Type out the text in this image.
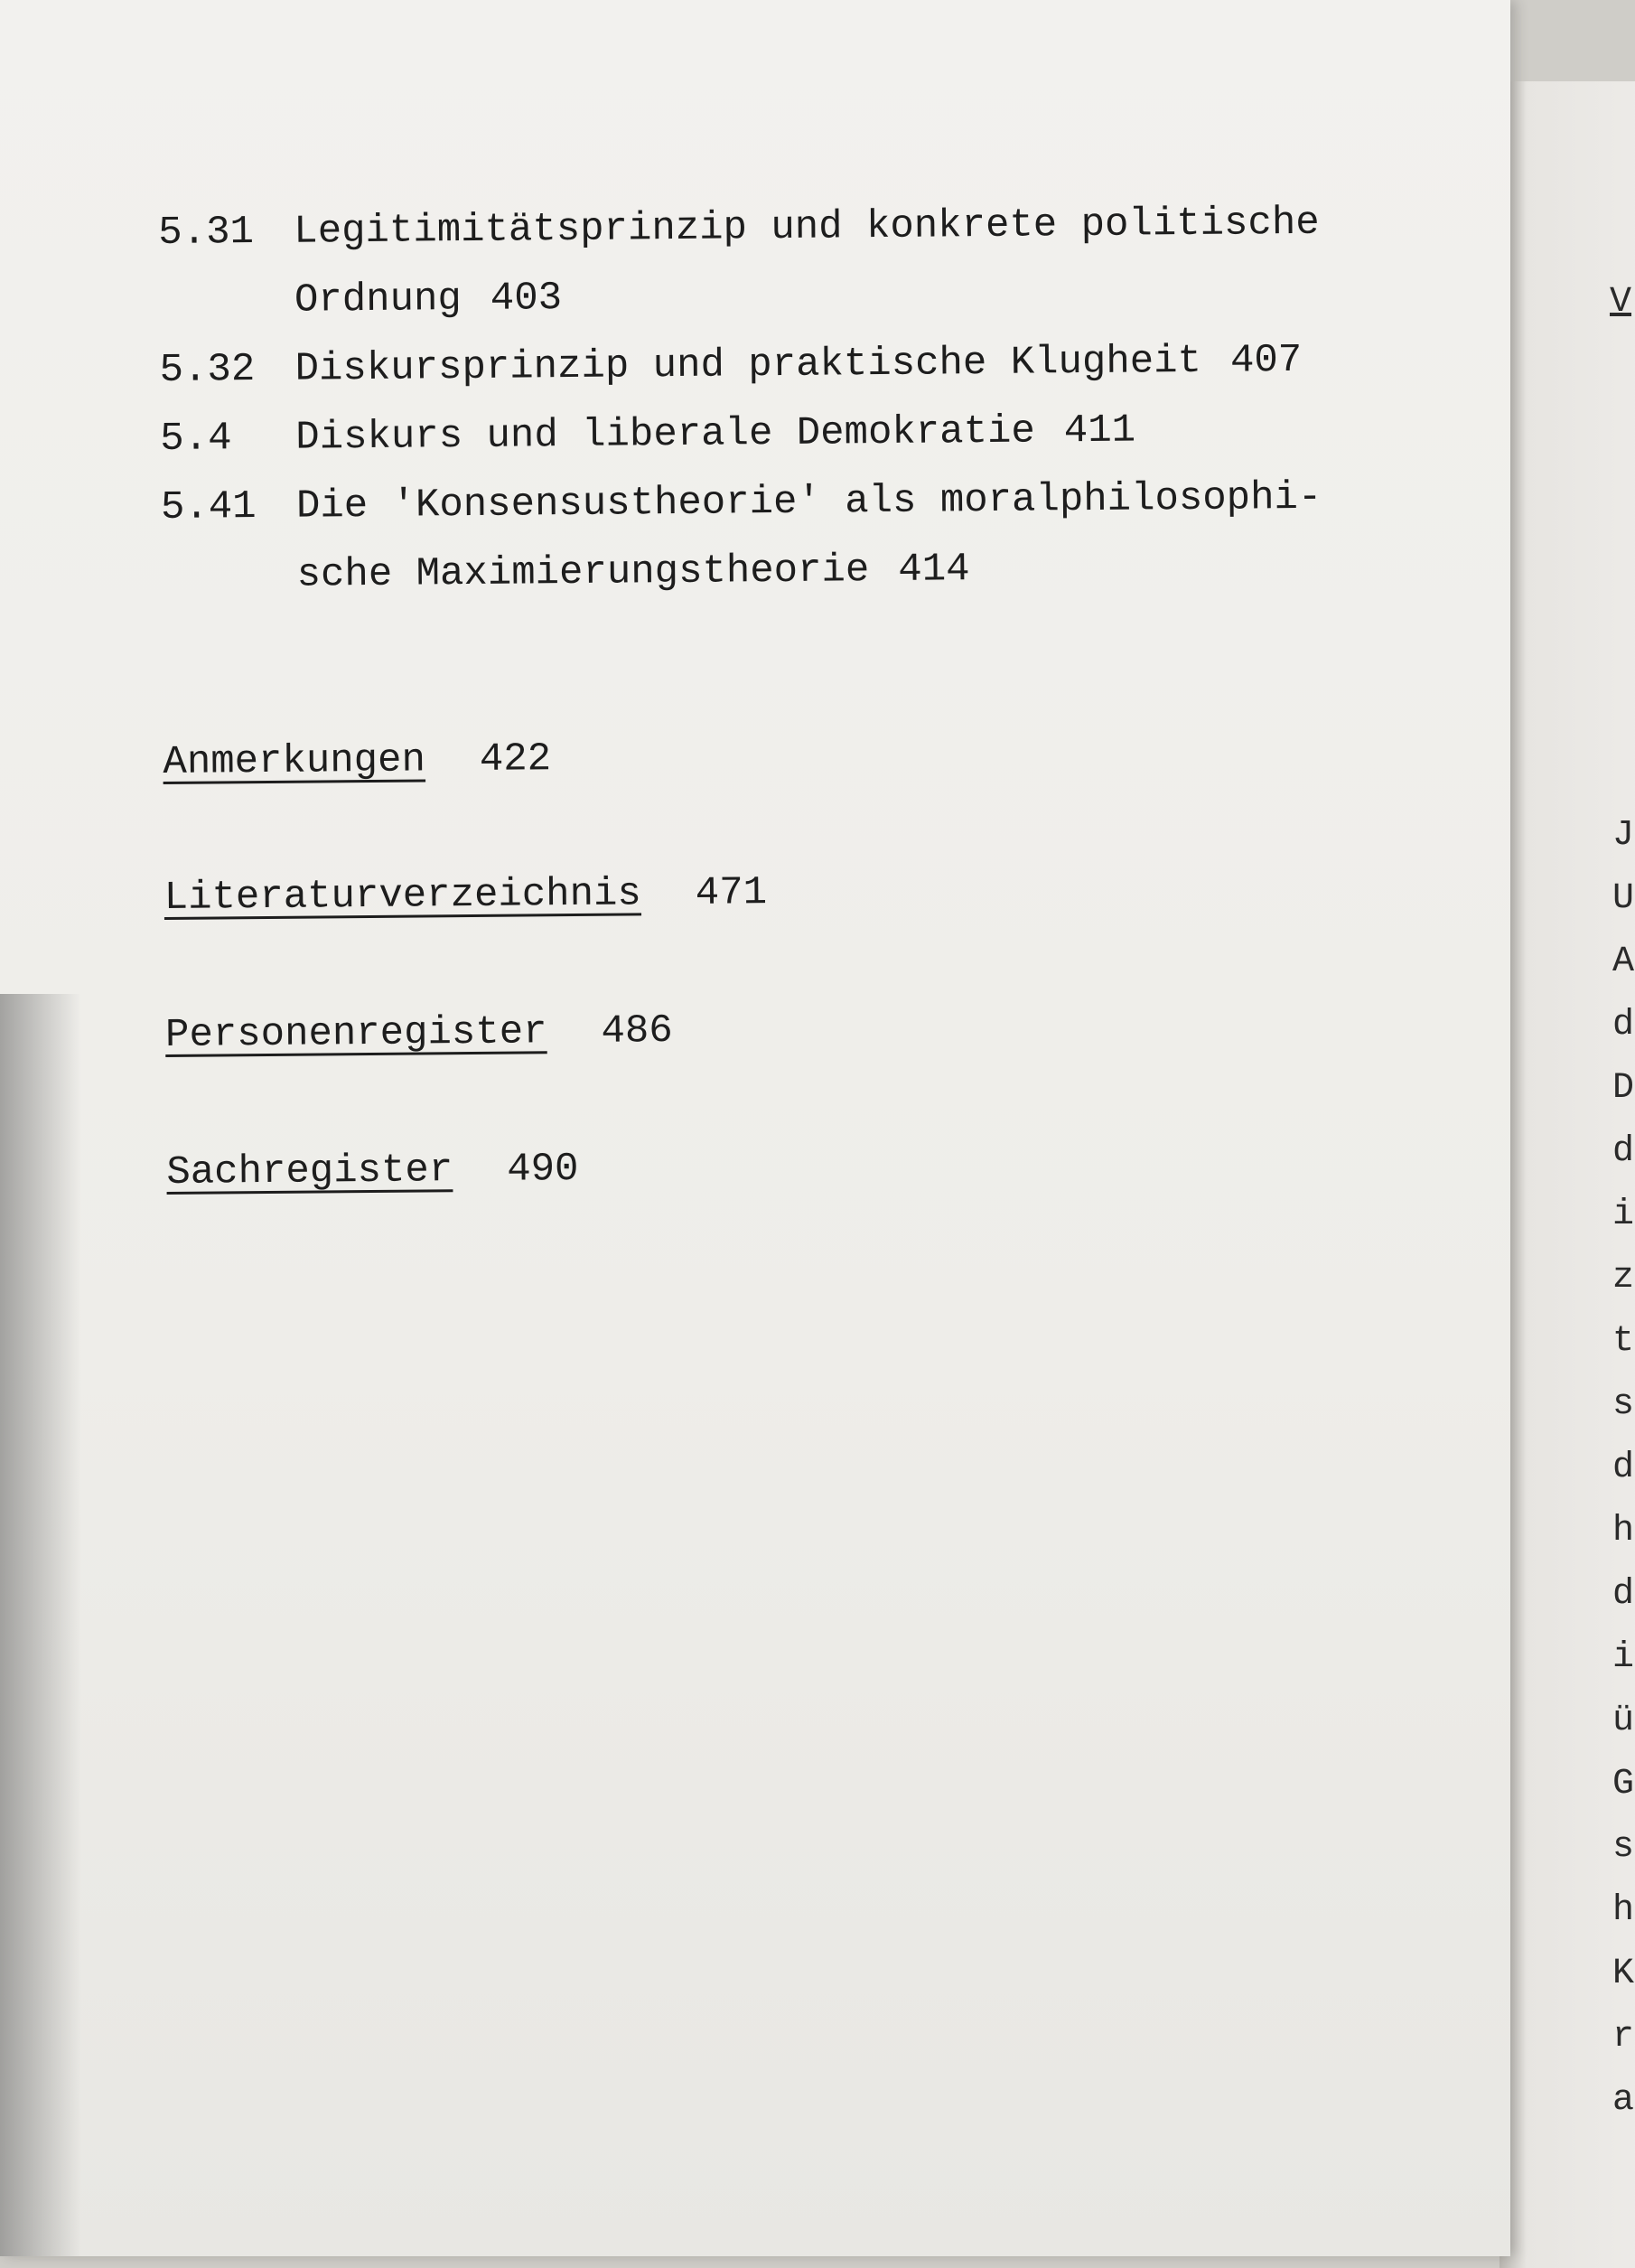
V
J
U
A
d
D
d
i
z
t
s
d
h
d
i
ü
G
s
h
K
r
a
5.31 Legitimitätsprinzip und konkrete politische
Ordnung 403
5.32 Diskursprinzip und praktische Klugheit 407
5.4	Diskurs und liberale Demokratie 411
5.41 Die 'Konsensustheorie' als moralphilosophi-
sche Maximierungstheorie 414
Anmerkungen 422
Literaturverzeichnis 471
Personenregister 486
Sachregister 490
